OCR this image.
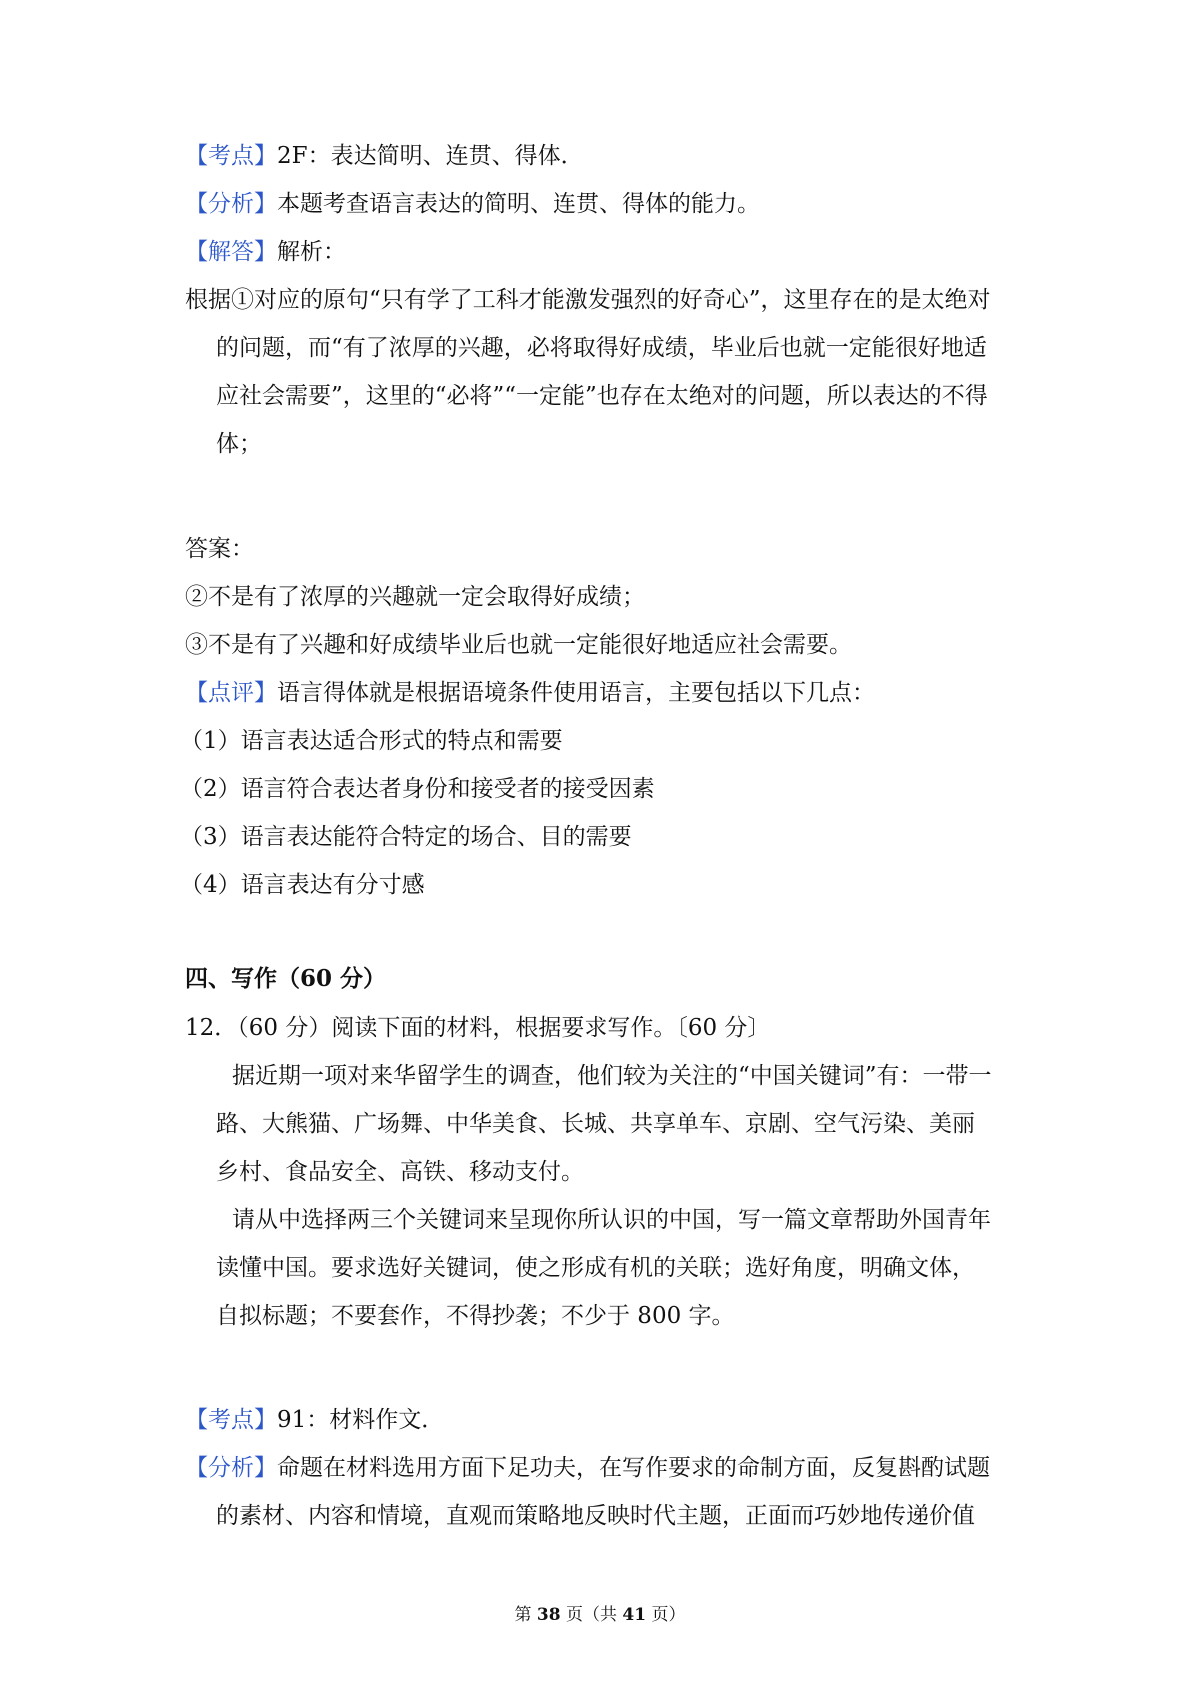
【考点】2F：表达简明、连贯、得体．
【分析】本题考查语言表达的简明、连贯、得体的能力。
【解答】解析：
根据①对应的原句“只有学了工科才能激发强烈的好奇心”，这里存在的是太绝对
的问题，而“有了浓厚的兴趣，必将取得好成绩，毕业后也就一定能很好地适
应社会需要”，这里的“必将”“一定能”也存在太绝对的问题，所以表达的不得
体；
答案：
②不是有了浓厚的兴趣就一定会取得好成绩；
③不是有了兴趣和好成绩毕业后也就一定能很好地适应社会需要。
【点评】语言得体就是根据语境条件使用语言，主要包括以下几点：
（1）语言表达适合形式的特点和需要
（2）语言符合表达者身份和接受者的接受因素
（3）语言表达能符合特定的场合、目的需要
（4）语言表达有分寸感
四、写作（60 分）
12．（60 分）阅读下面的材料，根据要求写作。〔60 分〕
据近期一项对来华留学生的调查，他们较为关注的“中国关键词”有：一带一
路、大熊猫、广场舞、中华美食、长城、共享单车、京剧、空气污染、美丽
乡村、食品安全、高铁、移动支付。
请从中选择两三个关键词来呈现你所认识的中国，写一篇文章帮助外国青年
读懂中国。要求选好关键词，使之形成有机的关联；选好角度，明确文体，
自拟标题；不要套作，不得抄袭；不少于 800 字。
【考点】91：材料作文．
【分析】命题在材料选用方面下足功夫，在写作要求的命制方面，反复斟酌试题
的素材、内容和情境，直观而策略地反映时代主题，正面而巧妙地传递价值
第 38 页（共 41 页）
